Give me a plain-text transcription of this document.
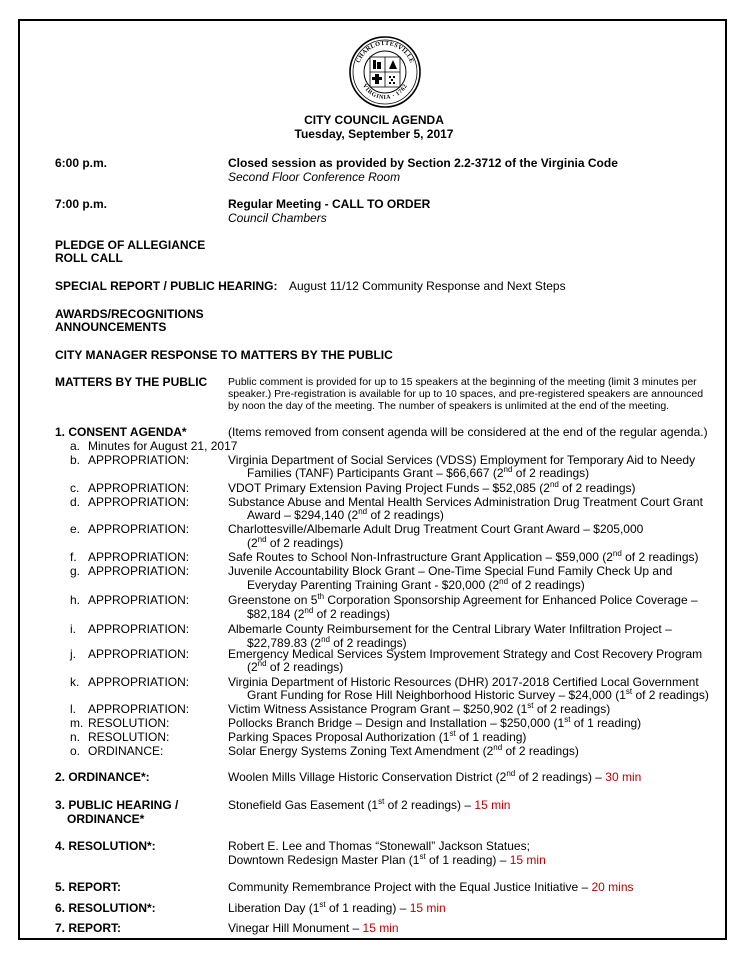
CHARLOTTESVILLE
VIRGINIA · 1762
CITY COUNCIL AGENDA
Tuesday, September 5, 2017
6:00 p.m.	Closed session as provided by Section 2.2-3712 of the Virginia Code
Second Floor Conference Room
7:00 p.m.	Regular Meeting - CALL TO ORDER
Council Chambers
PLEDGE OF ALLEGIANCE
ROLL CALL
SPECIAL REPORT / PUBLIC HEARING: August 11/12 Community Response and Next Steps
AWARDS/RECOGNITIONS
ANNOUNCEMENTS
CITY MANAGER RESPONSE TO MATTERS BY THE PUBLIC
MATTERS BY THE PUBLIC Public comment is provided for up to 15 speakers at the beginning of the meeting (limit 3 minutes per
speaker.) Pre-registration is available for up to 10 spaces, and pre-registered speakers are announced
by noon the day of the meeting. The number of speakers is unlimited at the end of the meeting.
1. CONSENT AGENDA*	(Items removed from consent agenda will be considered at the end of the regular agenda.)
a. Minutes for August 21, 2017
b. APPROPRIATION:	Virginia Department of Social Services (VDSS) Employment for Temporary Aid to Needy
Families (TANF) Participants Grant – $66,667 (2nd of 2 readings)
c. APPROPRIATION:	VDOT Primary Extension Paving Project Funds – $52,085 (2nd of 2 readings)
d. APPROPRIATION:	Substance Abuse and Mental Health Services Administration Drug Treatment Court Grant
Award – $294,140 (2nd of 2 readings)
e. APPROPRIATION:	Charlottesville/Albemarle Adult Drug Treatment Court Grant Award – $205,000
(2nd of 2 readings)
f. APPROPRIATION:	Safe Routes to School Non-Infrastructure Grant Application – $59,000 (2nd of 2 readings)
g. APPROPRIATION:	Juvenile Accountability Block Grant – One-Time Special Fund Family Check Up and
Everyday Parenting Training Grant - $20,000 (2nd of 2 readings)
h. APPROPRIATION:	Greenstone on 5th Corporation Sponsorship Agreement for Enhanced Police Coverage –
$82,184 (2nd of 2 readings)
i. APPROPRIATION:	Albemarle County Reimbursement for the Central Library Water Infiltration Project –
$22,789.83 (2nd of 2 readings)
j. APPROPRIATION:	Emergency Medical Services System Improvement Strategy and Cost Recovery Program
(2nd of 2 readings)
k. APPROPRIATION:	Virginia Department of Historic Resources (DHR) 2017-2018 Certified Local Government
Grant Funding for Rose Hill Neighborhood Historic Survey – $24,000 (1st of 2 readings)
l. APPROPRIATION:	Victim Witness Assistance Program Grant – $250,902 (1st of 2 readings)
m. RESOLUTION:	Pollocks Branch Bridge – Design and Installation – $250,000 (1st of 1 reading)
n. RESOLUTION:	Parking Spaces Proposal Authorization (1st of 1 reading)
o. ORDINANCE:	Solar Energy Systems Zoning Text Amendment (2nd of 2 readings)
2. ORDINANCE*:	Woolen Mills Village Historic Conservation District (2nd of 2 readings) – 30 min
3. PUBLIC HEARING /
ORDINANCE*
Stonefield Gas Easement (1st of 2 readings) – 15 min
4. RESOLUTION*:	Robert E. Lee and Thomas “Stonewall” Jackson Statues;
Downtown Redesign Master Plan (1st of 1 reading) – 15 min
5. REPORT:	Community Remembrance Project with the Equal Justice Initiative – 20 mins
6. RESOLUTION*:	Liberation Day (1st of 1 reading) – 15 min
7. REPORT:	Vinegar Hill Monument – 15 min
